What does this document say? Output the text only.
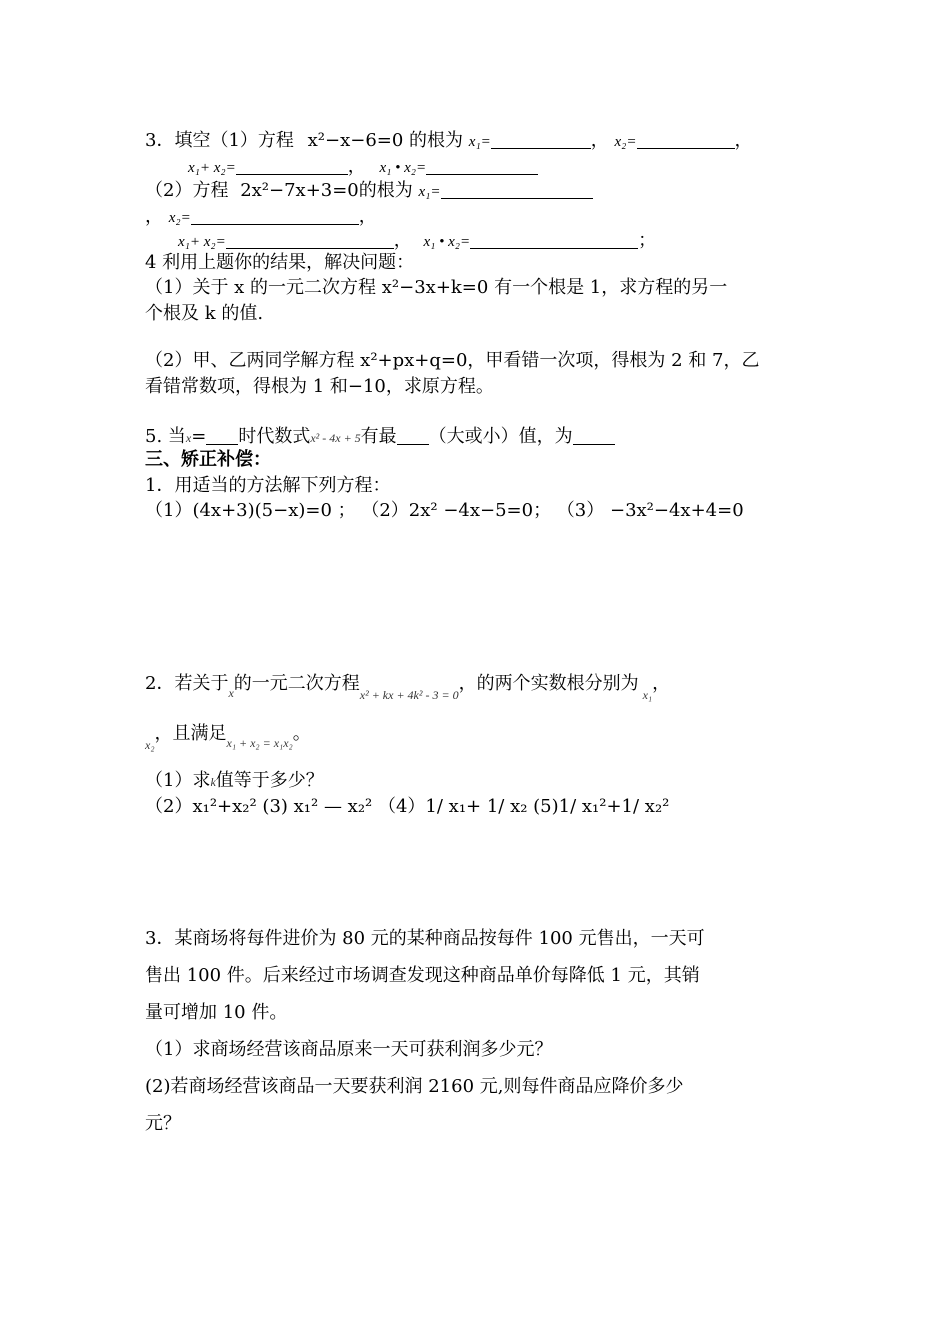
3．填空（1）方程 x²−x−6=0 的根为 x₁=	， x₂=	，
x₁+ x₂=	， x₁ • x₂=
（2）方程 2x²−7x+3=0的根为 x₁=
， x₂=	，
x₁+ x₂=	， x₁ • x₂=	；
4 利用上题你的结果，解决问题：
（1）关于 x 的一元二次方程 x²−3x+k=0 有一个根是 1，求方程的另一
个根及 k 的值.
（2）甲、乙两同学解方程 x²+px+q=0，甲看错一次项，得根为 2 和 7，乙
看错常数项，得根为 1 和−10，求原方程。
5. 当x= 时代数式x² - 4x + 5有最 （大或小）值，为
三、矫正补偿：
1．用适当的方法解下列方程：
（1）(4x+3)(5−x)=0 ； （2）2x² −4x−5=0； （3） −3x²−4x+4=0
2．若关于$_x$的一元二次方程$_{x^2 + kx + 4k^2 - 3 = 0}$，的两个实数根分别为$_{x_1}$，
$_{x_2}$，且满足$_{x_1 + x_2 = x_1x_2}$。
（1）求k值等于多少？
（2）x₁²+x₂² (3) x₁² — x₂² （4）1/ x₁+ 1/ x₂ (5)1/ x₁²+1/ x₂²
3．某商场将每件进价为 80 元的某种商品按每件 100 元售出，一天可
售出 100 件。后来经过市场调查发现这种商品单价每降低 1 元，其销
量可增加 10 件。
（1）求商场经营该商品原来一天可获利润多少元？
(2)若商场经营该商品一天要获利润 2160 元,则每件商品应降价多少
元？
